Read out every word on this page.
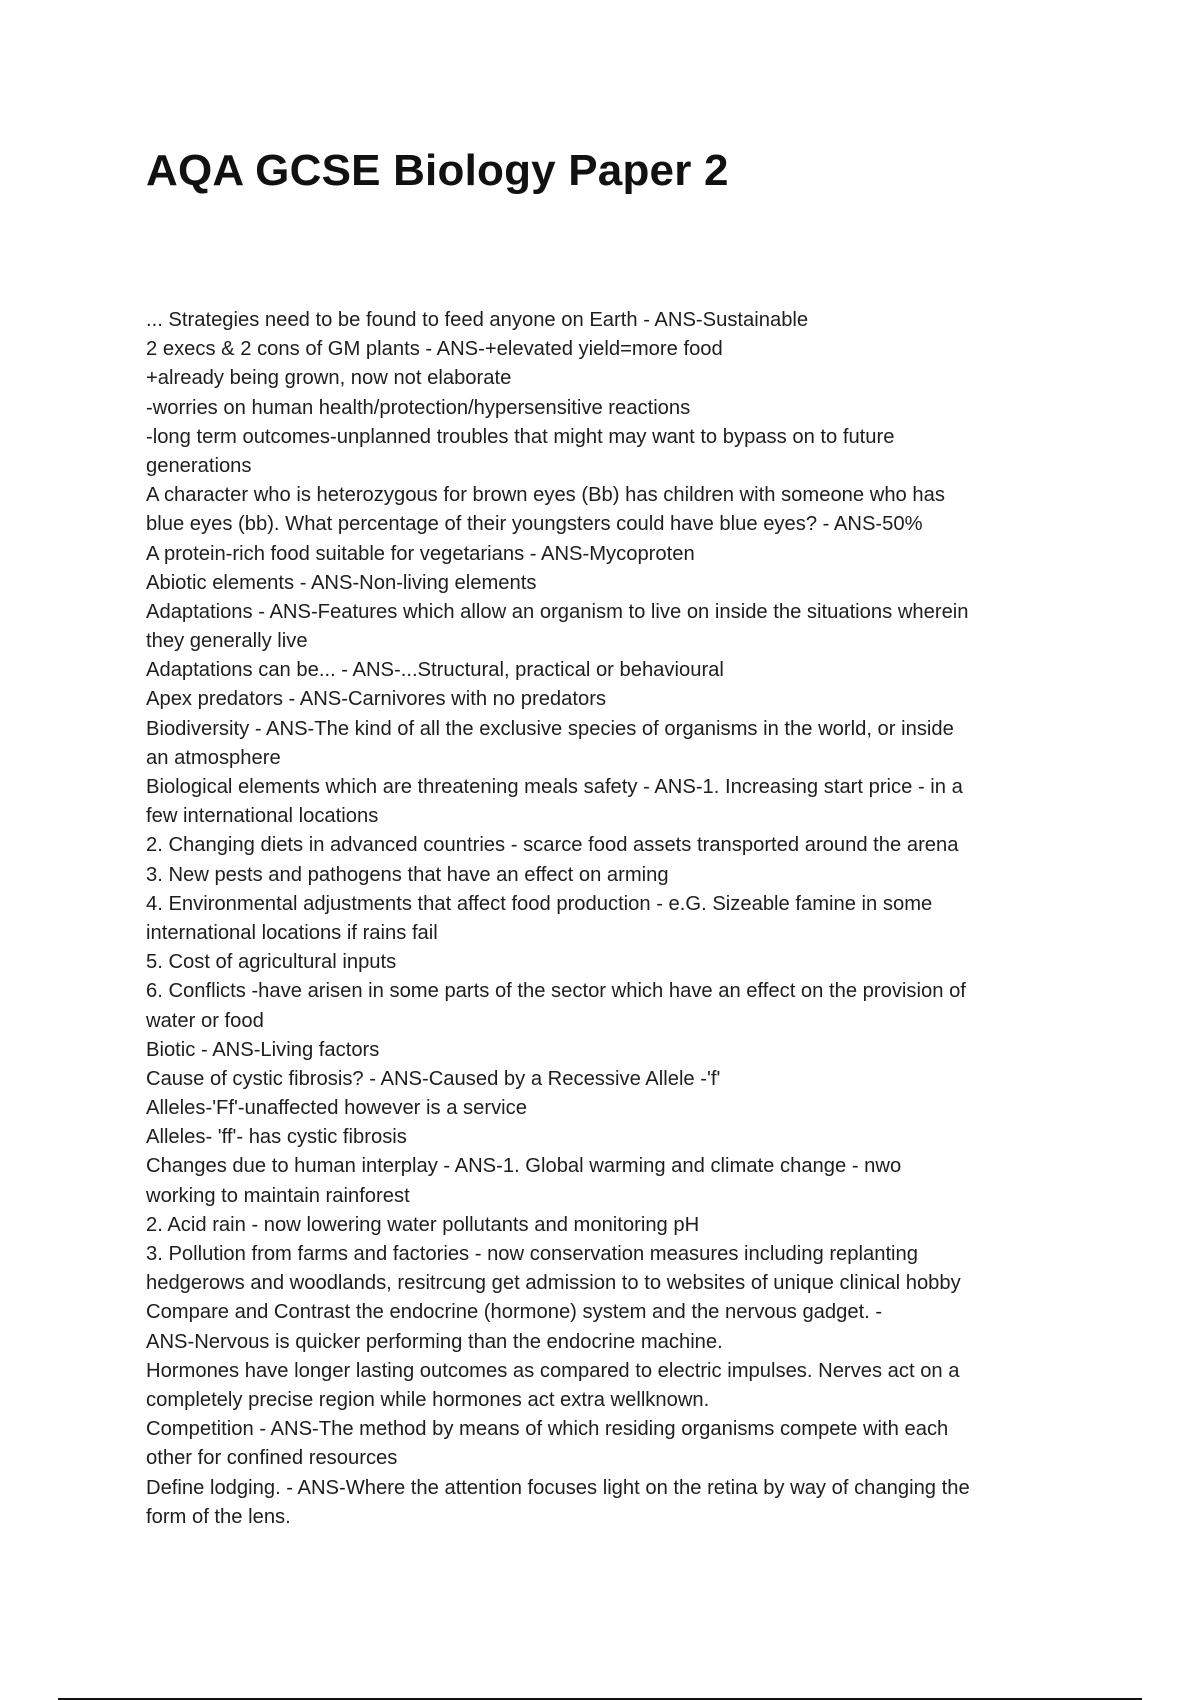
AQA GCSE Biology Paper 2
... Strategies need to be found to feed anyone on Earth - ANS-Sustainable
2 execs & 2 cons of GM plants - ANS-+elevated yield=more food
+already being grown, now not elaborate
-worries on human health/protection/hypersensitive reactions
-long term outcomes-unplanned troubles that might may want to bypass on to future
generations
A character who is heterozygous for brown eyes (Bb) has children with someone who has
blue eyes (bb). What percentage of their youngsters could have blue eyes? - ANS-50%
A protein-rich food suitable for vegetarians - ANS-Mycoproten
Abiotic elements - ANS-Non-living elements
Adaptations - ANS-Features which allow an organism to live on inside the situations wherein
they generally live
Adaptations can be... - ANS-...Structural, practical or behavioural
Apex predators - ANS-Carnivores with no predators
Biodiversity - ANS-The kind of all the exclusive species of organisms in the world, or inside
an atmosphere
Biological elements which are threatening meals safety - ANS-1. Increasing start price - in a
few international locations
2. Changing diets in advanced countries - scarce food assets transported around the arena
3. New pests and pathogens that have an effect on arming
4. Environmental adjustments that affect food production - e.G. Sizeable famine in some
international locations if rains fail
5. Cost of agricultural inputs
6. Conflicts -have arisen in some parts of the sector which have an effect on the provision of
water or food
Biotic - ANS-Living factors
Cause of cystic fibrosis? - ANS-Caused by a Recessive Allele -'f'
Alleles-'Ff'-unaffected however is a service
Alleles- 'ff'- has cystic fibrosis
Changes due to human interplay - ANS-1. Global warming and climate change - nwo
working to maintain rainforest
2. Acid rain - now lowering water pollutants and monitoring pH
3. Pollution from farms and factories - now conservation measures including replanting
hedgerows and woodlands, resitrcung get admission to to websites of unique clinical hobby
Compare and Contrast the endocrine (hormone) system and the nervous gadget. -
ANS-Nervous is quicker performing than the endocrine machine.
Hormones have longer lasting outcomes as compared to electric impulses. Nerves act on a
completely precise region while hormones act extra wellknown.
Competition - ANS-The method by means of which residing organisms compete with each
other for confined resources
Define lodging. - ANS-Where the attention focuses light on the retina by way of changing the
form of the lens.
